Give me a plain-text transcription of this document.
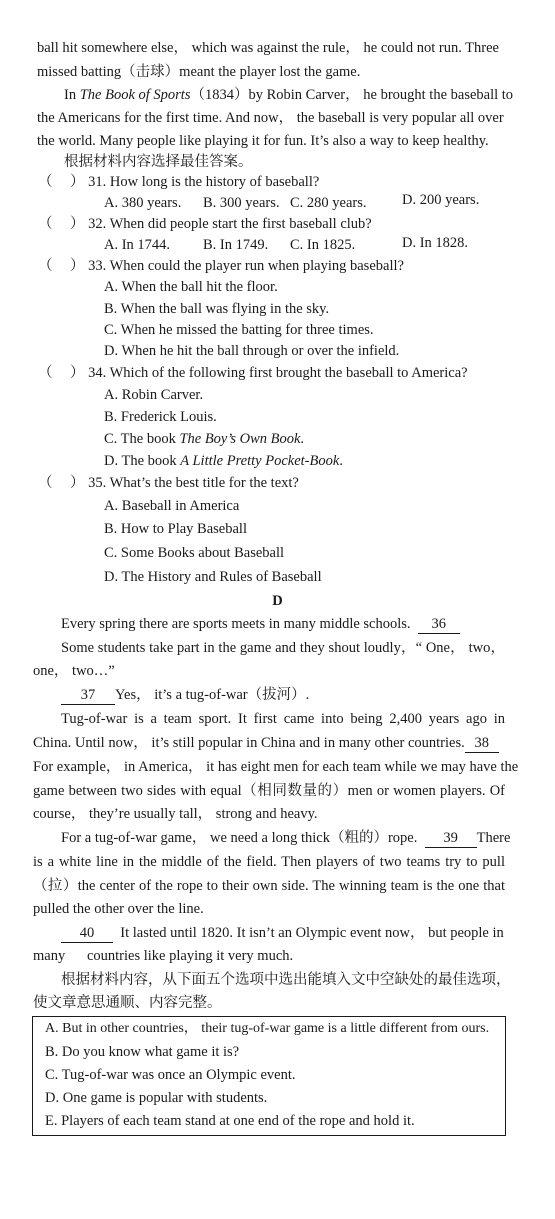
ball hit somewhere else， which was against the rule， he could not run. Three
missed batting（击球）meant the player lost the game.
In The Book of Sports（1834）by Robin Carver， he brought the baseball to
the Americans for the first time. And now， the baseball is very popular all over
the world. Many people like playing it for fun. It’s also a way to keep healthy.
根据材料内容选择最佳答案。
（ ） 31. How long is the history of baseball?
A. 380 years. B. 300 years. C. 280 years. D. 200 years.
（ ） 32. When did people start the first baseball club?
A. In 1744. B. In 1749. C. In 1825.	D. In 1828.
（ ） 33. When could the player run when playing baseball?
A. When the ball hit the floor.
B. When the ball was flying in the sky.
C. When he missed the batting for three times.
D. When he hit the ball through or over the infield.
（ ） 34. Which of the following first brought the baseball to America?
A. Robin Carver.
B. Frederick Louis.
C. The book The Boy’s Own Book.
D. The book A Little Pretty Pocket-Book.
（ ） 35. What’s the best title for the text?
A. Baseball in America
B. How to Play Baseball
C. Some Books about Baseball
D. The History and Rules of Baseball
D
Every spring there are sports meets in many middle schools. 36
Some students take part in the game and they shout loudly，“ One， two，
one， two…”
37 Yes， it’s a tug-of-war（拔河）.
Tug-of-war is a team sport. It first came into being 2,400 years ago in
China. Until now， it’s still popular in China and in many other countries. 38
For example， in America， it has eight men for each team while we may have the
game between two sides with equal（相同数量的）men or women players. Of
course， they’re usually tall， strong and heavy.
For a tug-of-war game， we need a long thick（粗的）rope. 39 There
is a white line in the middle of the field. Then players of two teams try to pull
（拉）the center of the rope to their own side. The winning team is the one that
pulled the other over the line.
40 It lasted until 1820. It isn’t an Olympic event now， but people in
many countries like playing it very much.
根据材料内容，从下面五个选项中选出能填入文中空缺处的最佳选项，
使文章意思通顺、内容完整。
A. But in other countries， their tug-of-war game is a little different from ours.
B. Do you know what game it is?
C. Tug-of-war was once an Olympic event.
D. One game is popular with students.
E. Players of each team stand at one end of the rope and hold it.
